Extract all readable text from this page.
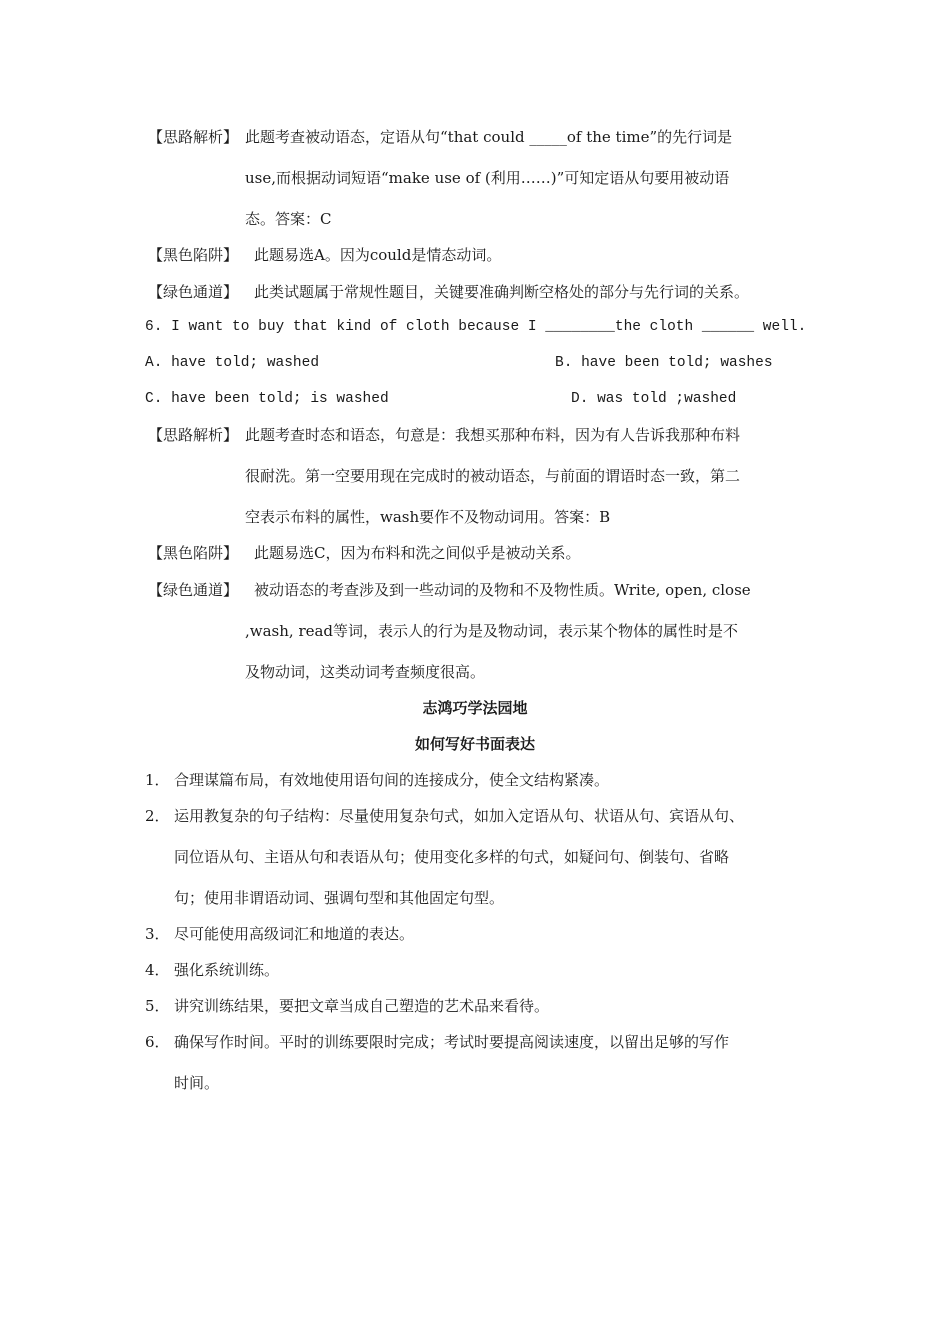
【思路解析】 此题考查被动语态，定语从句“that could _____of the time”的先行词是
use,而根据动词短语“make use of (利用……)”可知定语从句要用被动语
态。答案：C
【黑色陷阱】 此题易选A。因为could是情态动词。
【绿色通道】 此类试题属于常规性题目，关键要准确判断空格处的部分与先行词的关系。
6. I want to buy that kind of cloth because I ________the cloth ______ well.
A. have told; washed	B. have been told; washes
C. have been told; is washed	D. was told ;washed
【思路解析】 此题考查时态和语态，句意是：我想买那种布料，因为有人告诉我那种布料
很耐洗。第一空要用现在完成时的被动语态，与前面的谓语时态一致，第二
空表示布料的属性，wash要作不及物动词用。答案：B
【黑色陷阱】 此题易选C，因为布料和洗之间似乎是被动关系。
【绿色通道】 被动语态的考查涉及到一些动词的及物和不及物性质。Write, open, close
,wash, read等词，表示人的行为是及物动词，表示某个物体的属性时是不
及物动词，这类动词考查频度很高。
志鸿巧学法园地
如何写好书面表达
1． 合理谋篇布局，有效地使用语句间的连接成分，使全文结构紧凑。
2． 运用教复杂的句子结构：尽量使用复杂句式，如加入定语从句、状语从句、宾语从句、
同位语从句、主语从句和表语从句；使用变化多样的句式，如疑问句、倒装句、省略
句；使用非谓语动词、强调句型和其他固定句型。
3． 尽可能使用高级词汇和地道的表达。
4． 强化系统训练。
5． 讲究训练结果，要把文章当成自己塑造的艺术品来看待。
6． 确保写作时间。平时的训练要限时完成；考试时要提高阅读速度，以留出足够的写作
时间。
